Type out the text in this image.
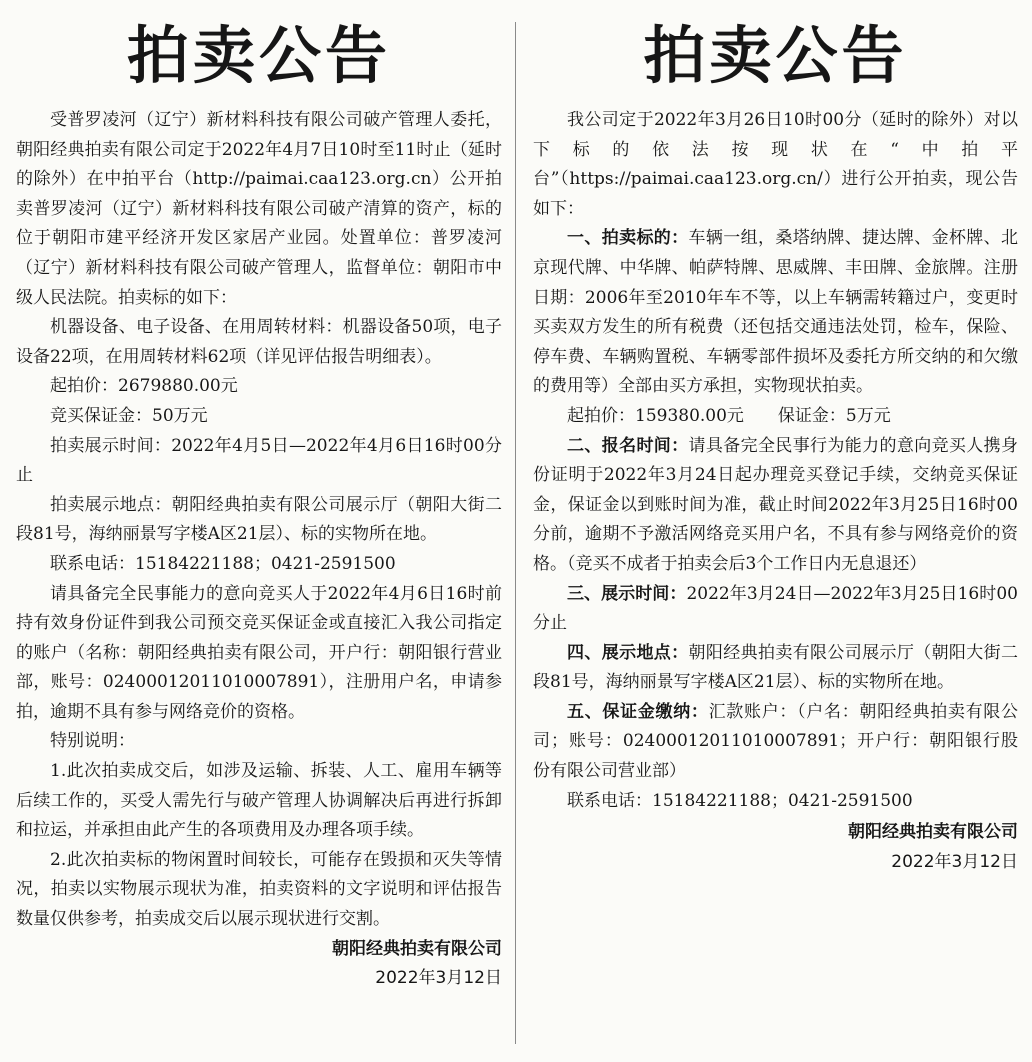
拍卖公告

受普罗凌河（辽宁）新材料科技有限公司破产管理人委托，朝阳经典拍卖有限公司定于2022年4月7日10时至11时止（延时的除外）在中拍平台（http://paimai.caa123.org.cn）公开拍卖普罗凌河（辽宁）新材料科技有限公司破产清算的资产，标的位于朝阳市建平经济开发区家居产业园。处置单位：普罗凌河（辽宁）新材料科技有限公司破产管理人，监督单位：朝阳市中级人民法院。拍卖标的如下：

机器设备、电子设备、在用周转材料：机器设备50项，电子设备22项，在用周转材料62项（详见评估报告明细表）。

起拍价：2679880.00元

竞买保证金：50万元

拍卖展示时间：2022年4月5日—2022年4月6日16时00分止

拍卖展示地点：朝阳经典拍卖有限公司展示厅（朝阳大街二段81号，海纳丽景写字楼A区21层）、标的实物所在地。

联系电话：15184221188；0421-2591500

请具备完全民事能力的意向竞买人于2022年4月6日16时前持有效身份证件到我公司预交竞买保证金或直接汇入我公司指定的账户（名称：朝阳经典拍卖有限公司，开户行：朝阳银行营业部，账号：02400012011010007891），注册用户名，申请参拍，逾期不具有参与网络竞价的资格。

特别说明：

1.此次拍卖成交后，如涉及运输、拆装、人工、雇用车辆等后续工作的，买受人需先行与破产管理人协调解决后再进行拆卸和拉运，并承担由此产生的各项费用及办理各项手续。

2.此次拍卖标的物闲置时间较长，可能存在毁损和灭失等情况，拍卖以实物展示现状为准，拍卖资料的文字说明和评估报告数量仅供参考，拍卖成交后以展示现状进行交割。

朝阳经典拍卖有限公司

2022年3月12日

拍卖公告

我公司定于2022年3月26日10时00分（延时的除外）对以下标的依法按现状在“中拍平台”（https://paimai.caa123.org.cn/）进行公开拍卖，现公告如下：

一、拍卖标的：车辆一组，桑塔纳牌、捷达牌、金杯牌、北京现代牌、中华牌、帕萨特牌、思威牌、丰田牌、金旅牌。注册日期：2006年至2010年车不等，以上车辆需转籍过户，变更时买卖双方发生的所有税费（还包括交通违法处罚，检车，保险、停车费、车辆购置税、车辆零部件损坏及委托方所交纳的和欠缴的费用等）全部由买方承担，实物现状拍卖。

起拍价：159380.00元　　保证金：5万元

二、报名时间：请具备完全民事行为能力的意向竞买人携身份证明于2022年3月24日起办理竞买登记手续，交纳竞买保证金，保证金以到账时间为准，截止时间2022年3月25日16时00分前，逾期不予激活网络竞买用户名，不具有参与网络竞价的资格。（竞买不成者于拍卖会后3个工作日内无息退还）

三、展示时间：2022年3月24日—2022年3月25日16时00分止

四、展示地点：朝阳经典拍卖有限公司展示厅（朝阳大街二段81号，海纳丽景写字楼A区21层）、标的实物所在地。

五、保证金缴纳：汇款账户：（户名：朝阳经典拍卖有限公司；账号：02400012011010007891；开户行：朝阳银行股份有限公司营业部）

联系电话：15184221188；0421-2591500

朝阳经典拍卖有限公司

2022年3月12日
